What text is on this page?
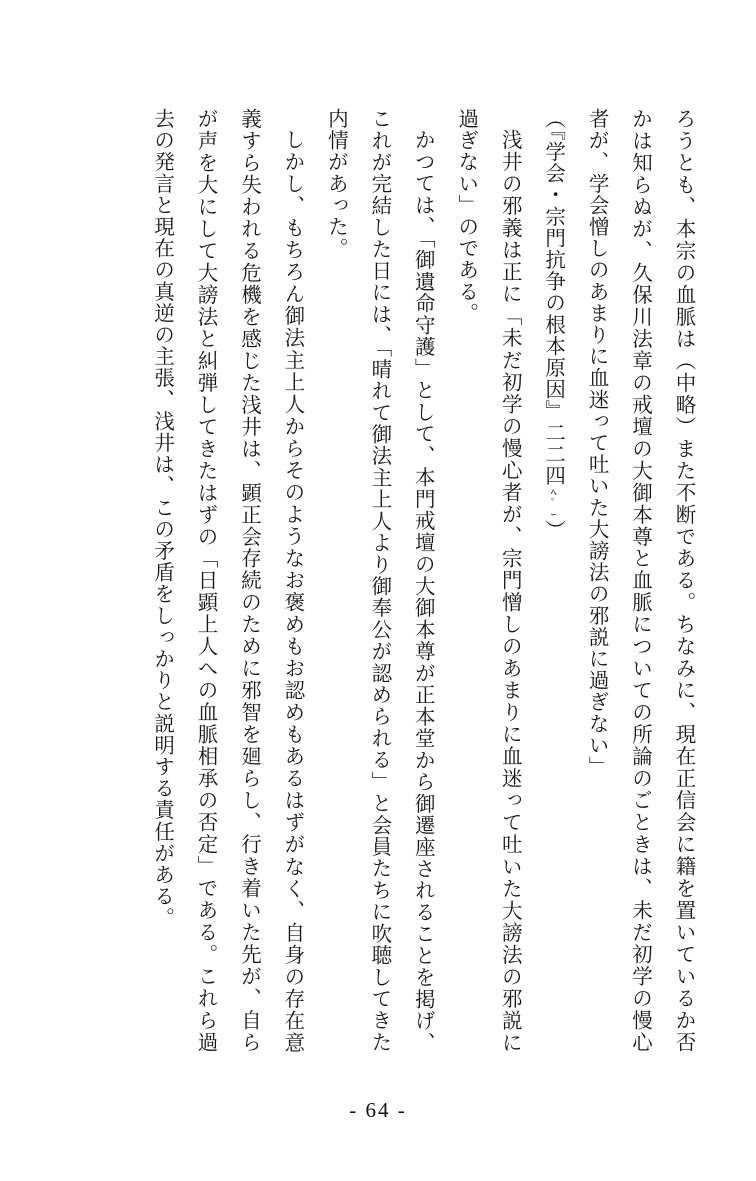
ろうとも、本宗の血脈は（中略）また不断である。ちなみに、現在正信会に籍を置いているか否かは知らぬが、久保川法章の戒壇の大御本尊と血脈についての所論のごときは、未だ初学の慢心者が、学会憎しのあまりに血迷って吐いた大謗法の邪説に過ぎない」

（『学会・宗門抗争の根本原因』二二四ﾍﾟｰ）

浅井の邪義は正に「未だ初学の慢心者が、宗門憎しのあまりに血迷って吐いた大謗法の邪説に過ぎない」のである。

かつては、「御遺命守護」として、本門戒壇の大御本尊が正本堂から御遷座されることを掲げ、これが完結した日には、「晴れて御法主上人より御奉公が認められる」と会員たちに吹聴してきた内情があった。

しかし、もちろん御法主上人からそのようなお褒めもお認めもあるはずがなく、自身の存在意義すら失われる危機を感じた浅井は、顕正会存続のために邪智を廻らし、行き着いた先が、自らが声を大にして大謗法と糾弾してきたはずの「日顕上人への血脈相承の否定」である。これら過去の発言と現在の真逆の主張、浅井は、この矛盾をしっかりと説明する責任がある。

- 64 -
